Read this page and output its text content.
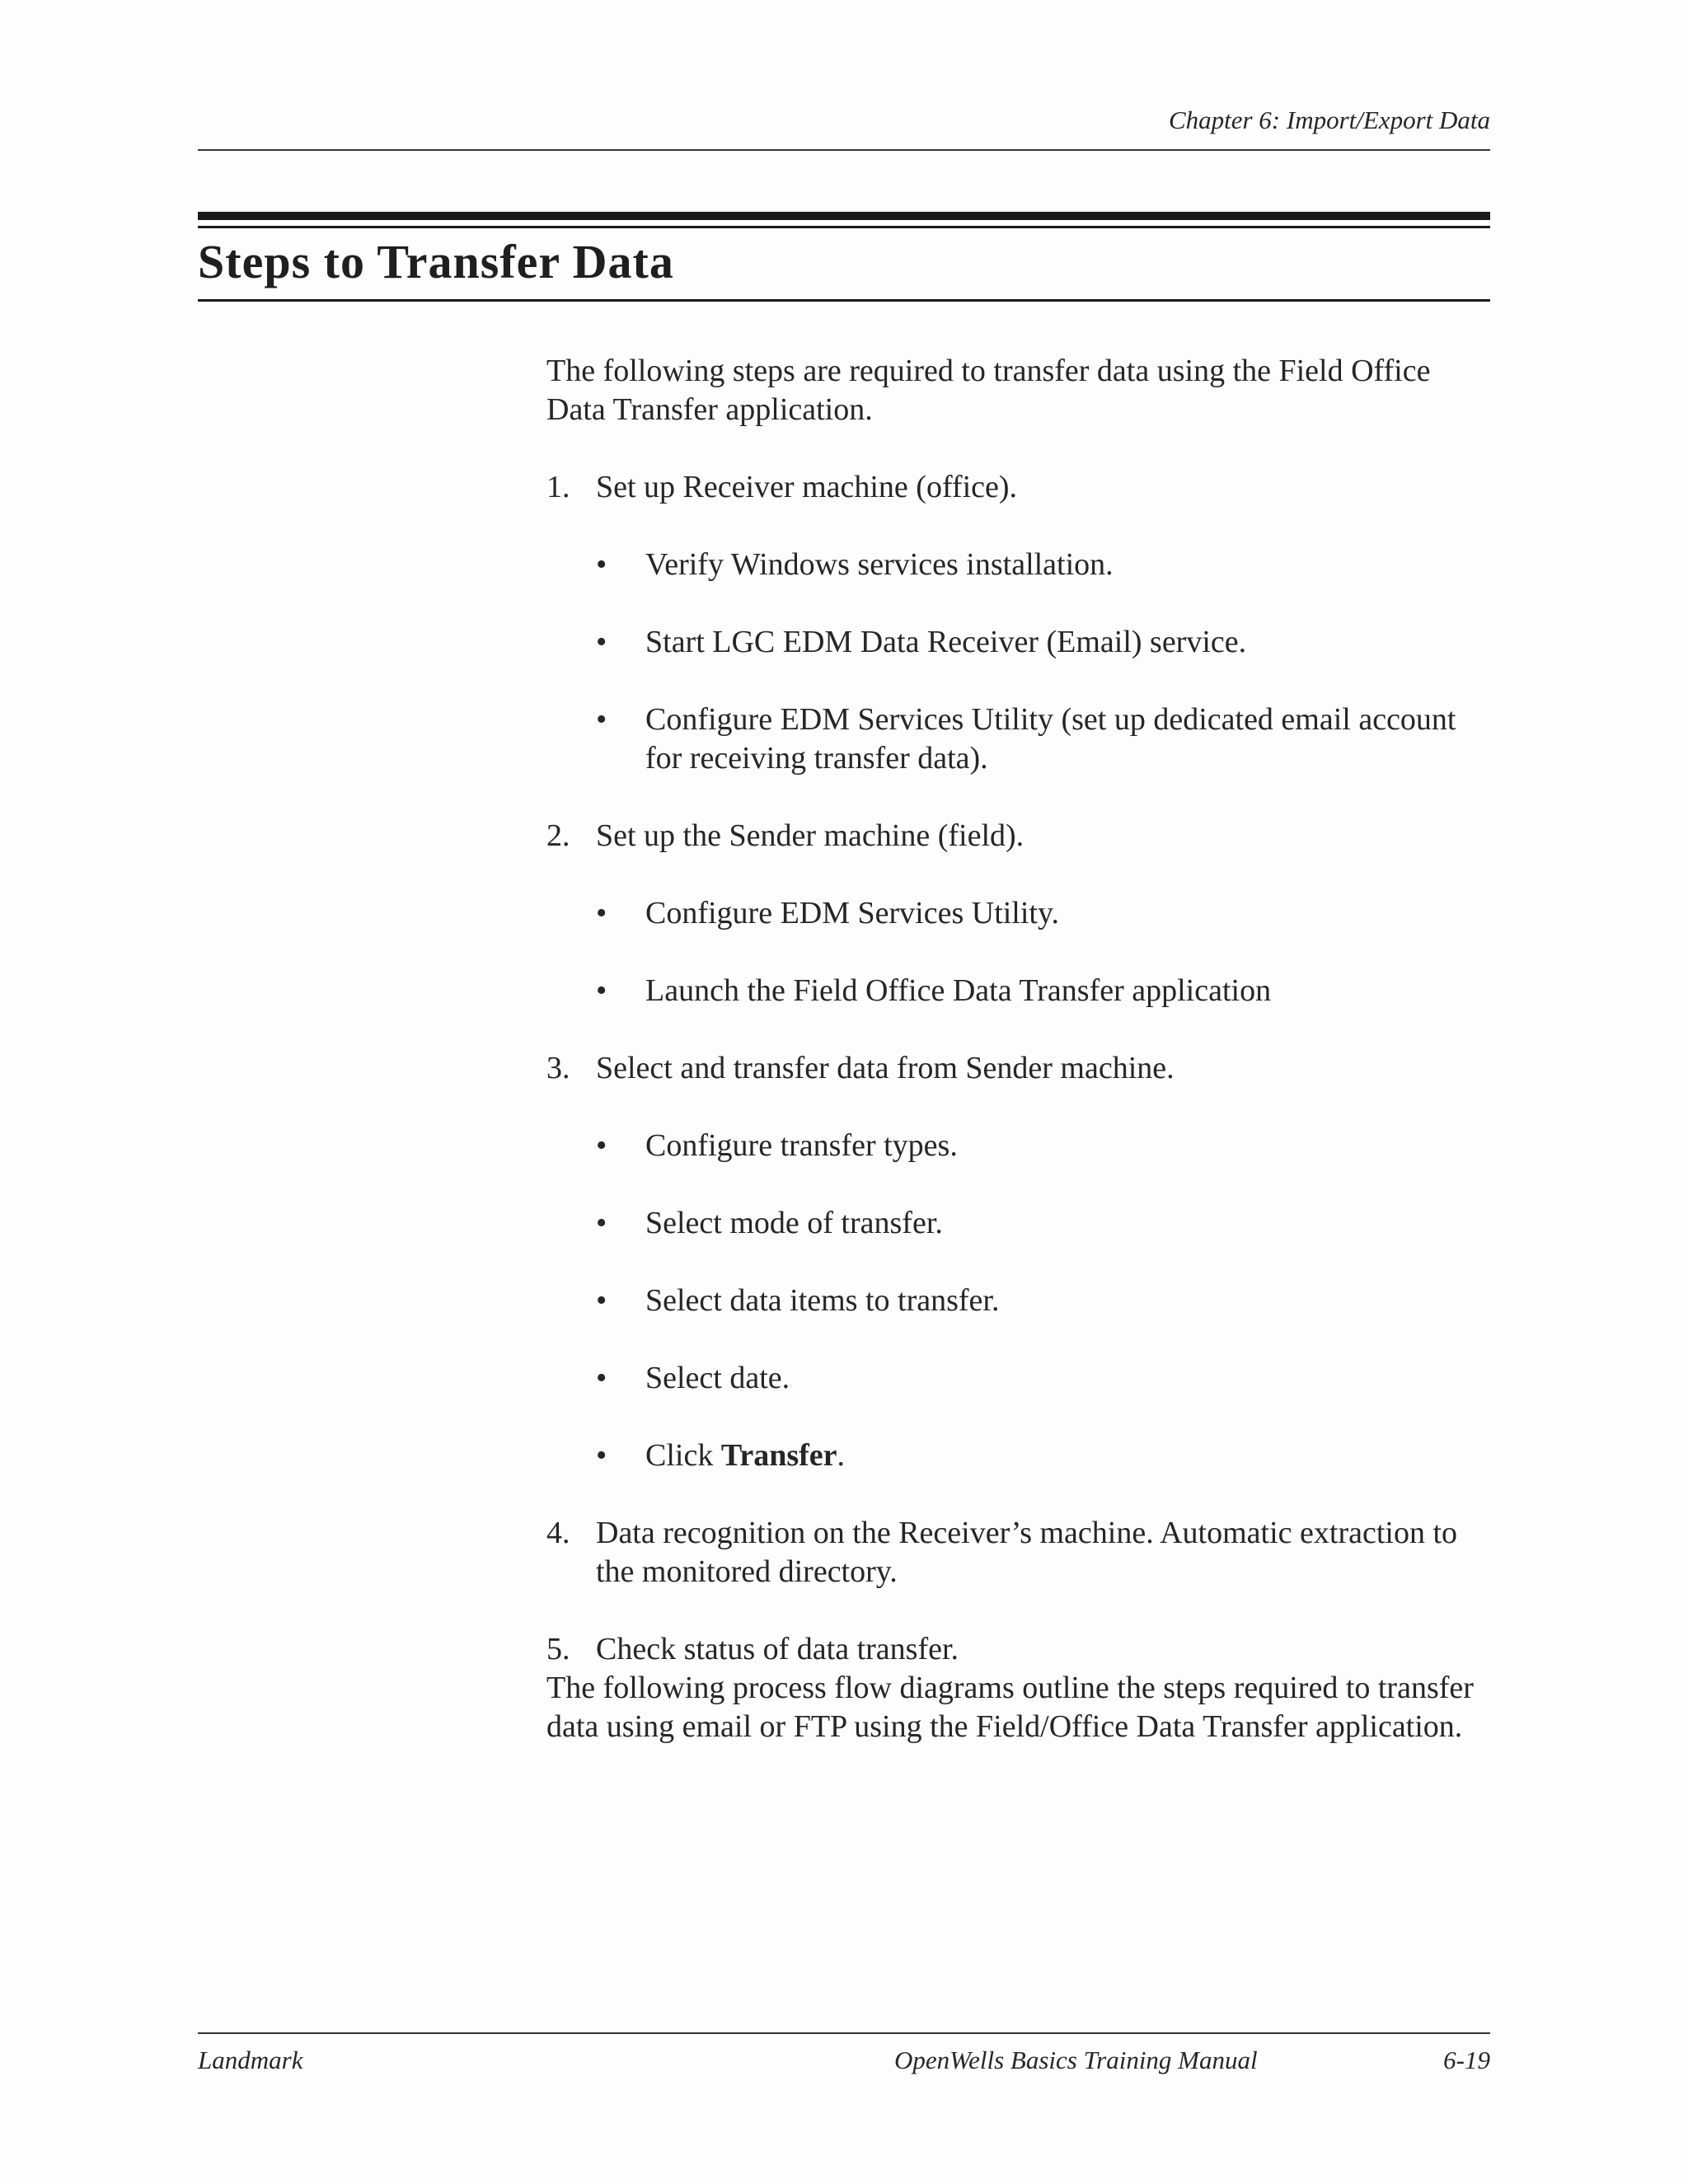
Chapter 6: Import/Export Data
Steps to Transfer Data

The following steps are required to transfer data using the Field Office Data Transfer application.

1. Set up Receiver machine (office).
• Verify Windows services installation.
• Start LGC EDM Data Receiver (Email) service.
• Configure EDM Services Utility (set up dedicated email account for receiving transfer data).
2. Set up the Sender machine (field).
• Configure EDM Services Utility.
• Launch the Field Office Data Transfer application
3. Select and transfer data from Sender machine.
• Configure transfer types.
• Select mode of transfer.
• Select data items to transfer.
• Select date.
• Click Transfer.
4. Data recognition on the Receiver’s machine. Automatic extraction to the monitored directory.
5. Check status of data transfer.

The following process flow diagrams outline the steps required to transfer data using email or FTP using the Field/Office Data Transfer application.

Landmark	OpenWells Basics Training Manual	6-19
